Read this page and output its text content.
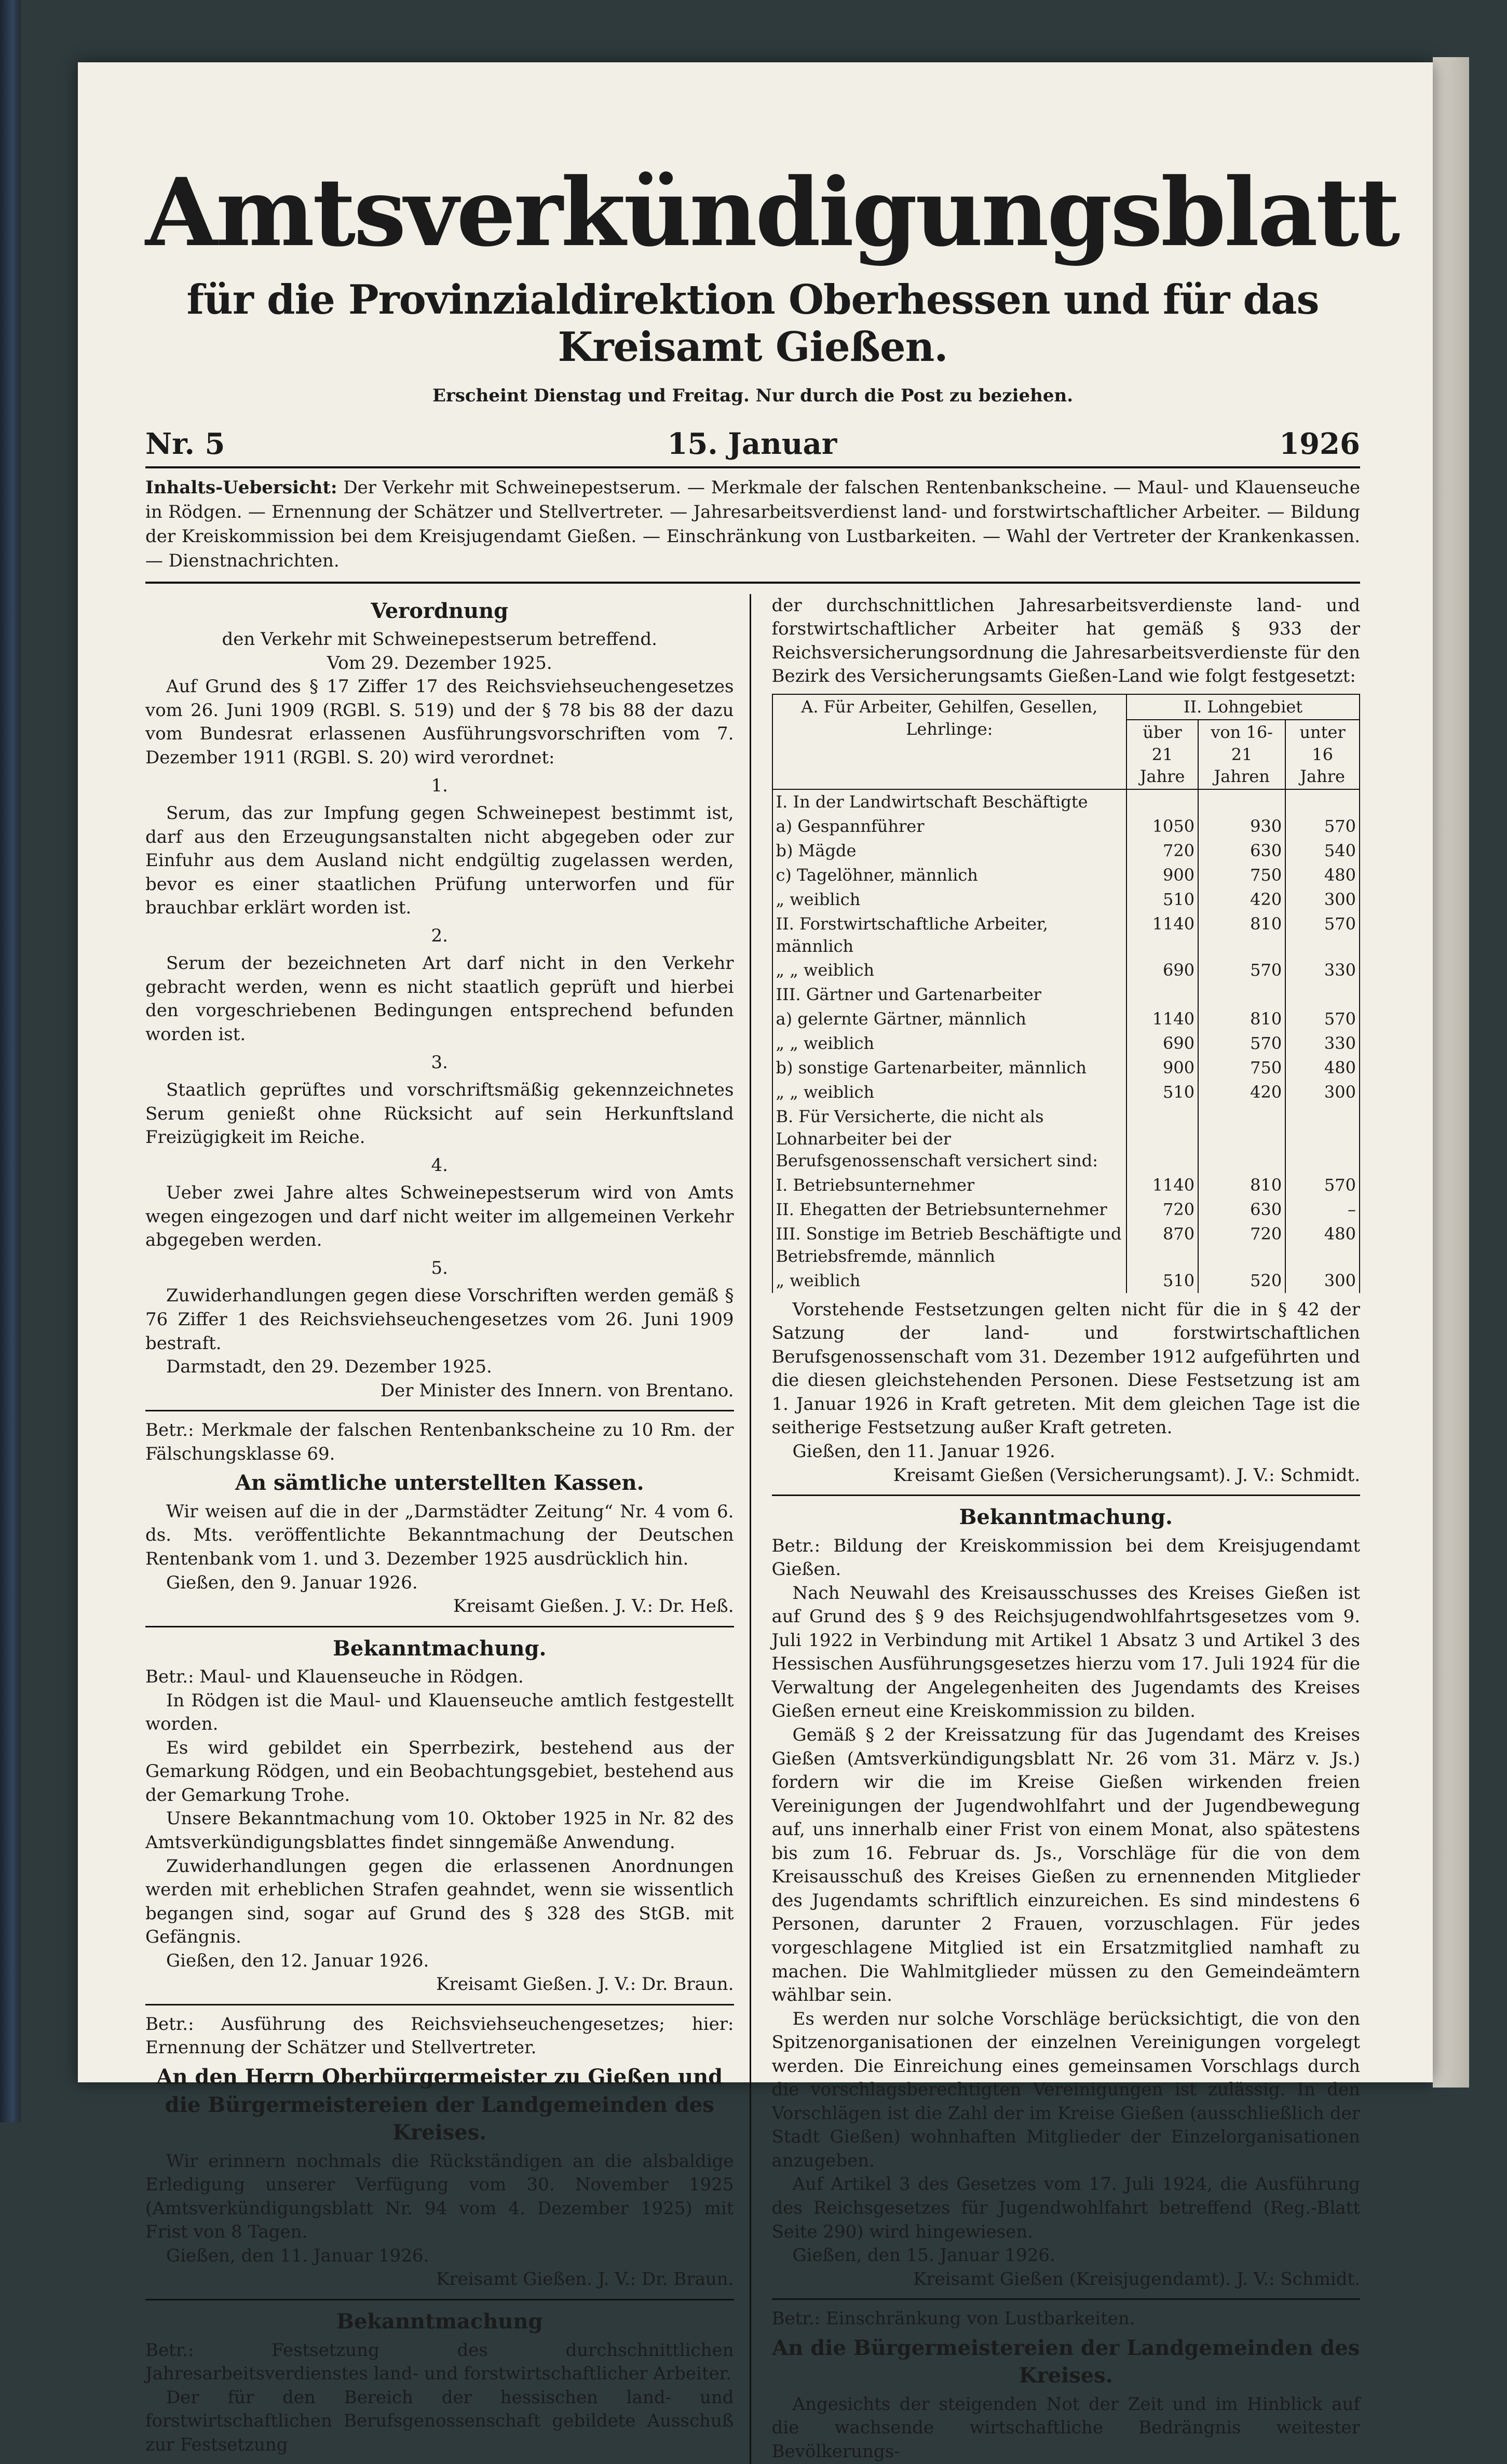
Amtsverkündigungsblatt
für die Provinzialdirektion Oberhessen und für das Kreisamt Gießen.
Erscheint Dienstag und Freitag. Nur durch die Post zu beziehen.
Nr. 5	15. Januar	1926
Inhalts-Uebersicht: Der Verkehr mit Schweinepestserum. — Merkmale der falschen Rentenbankscheine. — Maul- und Klauenseuche in Rödgen. — Ernennung der Schätzer und Stellvertreter. — Jahresarbeitsverdienst land- und forstwirtschaftlicher Arbeiter. — Bildung der Kreiskommission bei dem Kreisjugendamt Gießen. — Einschränkung von Lustbarkeiten. — Wahl der Vertreter der Krankenkassen. — Dienstnachrichten.
Verordnung
den Verkehr mit Schweinepestserum betreffend.
Vom 29. Dezember 1925.

Auf Grund des § 17 Ziffer 17 des Reichsviehseuchengesetzes vom 26. Juni 1909 (RGBl. S. 519) und der § 78 bis 88 der dazu vom Bundesrat erlassenen Ausführungsvorschriften vom 7. Dezember 1911 (RGBl. S. 20) wird verordnet:

1.

Serum, das zur Impfung gegen Schweinepest bestimmt ist, darf aus den Erzeugungsanstalten nicht abgegeben oder zur Einfuhr aus dem Ausland nicht endgültig zugelassen werden, bevor es einer staatlichen Prüfung unterworfen und für brauchbar erklärt worden ist.

2.

Serum der bezeichneten Art darf nicht in den Verkehr gebracht werden, wenn es nicht staatlich geprüft und hierbei den vorgeschriebenen Bedingungen entsprechend befunden worden ist.

3.

Staatlich geprüftes und vorschriftsmäßig gekennzeichnetes Serum genießt ohne Rücksicht auf sein Herkunftsland Freizügigkeit im Reiche.

4.

Ueber zwei Jahre altes Schweinepestserum wird von Amts wegen eingezogen und darf nicht weiter im allgemeinen Verkehr abgegeben werden.

5.

Zuwiderhandlungen gegen diese Vorschriften werden gemäß § 76 Ziffer 1 des Reichsviehseuchengesetzes vom 26. Juni 1909 bestraft.

Darmstadt, den 29. Dezember 1925.

Der Minister des Innern. von Brentano.

Betr.: Merkmale der falschen Rentenbankscheine zu 10 Rm. der Fälschungsklasse 69.

An sämtliche unterstellten Kassen.

Wir weisen auf die in der „Darmstädter Zeitung“ Nr. 4 vom 6. ds. Mts. veröffentlichte Bekanntmachung der Deutschen Rentenbank vom 1. und 3. Dezember 1925 ausdrücklich hin.

Gießen, den 9. Januar 1926.

Kreisamt Gießen. J. V.: Dr. Heß.
Bekanntmachung.

Betr.: Maul- und Klauenseuche in Rödgen.

In Rödgen ist die Maul- und Klauenseuche amtlich festgestellt worden.

Es wird gebildet ein Sperrbezirk, bestehend aus der Gemarkung Rödgen, und ein Beobachtungsgebiet, bestehend aus der Gemarkung Trohe.

Unsere Bekanntmachung vom 10. Oktober 1925 in Nr. 82 des Amtsverkündigungsblattes findet sinngemäße Anwendung.

Zuwiderhandlungen gegen die erlassenen Anordnungen werden mit erheblichen Strafen geahndet, wenn sie wissentlich begangen sind, sogar auf Grund des § 328 des StGB. mit Gefängnis.

Gießen, den 12. Januar 1926.

Kreisamt Gießen. J. V.: Dr. Braun.

Betr.: Ausführung des Reichsviehseuchengesetzes; hier: Ernennung der Schätzer und Stellvertreter.

An den Herrn Oberbürgermeister zu Gießen und die Bürgermeistereien der Landgemeinden des Kreises.

Wir erinnern nochmals die Rückständigen an die alsbaldige Erledigung unserer Verfügung vom 30. November 1925 (Amtsverkündigungsblatt Nr. 94 vom 4. Dezember 1925) mit Frist von 8 Tagen.

Gießen, den 11. Januar 1926.

Kreisamt Gießen. J. V.: Dr. Braun.
Bekanntmachung

Betr.: Festsetzung des durchschnittlichen Jahresarbeitsverdienstes land- und forstwirtschaftlicher Arbeiter.

Der für den Bereich der hessischen land- und forstwirtschaftlichen Berufsgenossenschaft gebildete Ausschuß zur Festsetzung

der durchschnittlichen Jahresarbeitsverdienste land- und forstwirtschaftlicher Arbeiter hat gemäß § 933 der Reichsversicherungsordnung die Jahresarbeitsverdienste für den Bezirk des Versicherungsamts Gießen-Land wie folgt festgesetzt:

A. Für Arbeiter, Gehilfen, Gesellen, Lehrlinge:	II. Lohngebiet		
	über 21 Jahre	von 16-21 Jahren	unter 16 Jahre
I. In der Landwirtschaft Beschäftigte			
a) Gespannführer	1050	930	570
b) Mägde	720	630	540
c) Tagelöhner, männlich	900	750	480
„ weiblich	510	420	300
II. Forstwirtschaftliche Arbeiter, männlich	1140	810	570
„ „ weiblich	690	570	330
III. Gärtner und Gartenarbeiter			
a) gelernte Gärtner, männlich	1140	810	570
„ „ weiblich	690	570	330
b) sonstige Gartenarbeiter, männlich	900	750	480
„ „ weiblich	510	420	300
B. Für Versicherte, die nicht als Lohnarbeiter bei der Berufsgenossenschaft versichert sind:			
I. Betriebsunternehmer	1140	810	570
II. Ehegatten der Betriebsunternehmer	720	630	–
III. Sonstige im Betrieb Beschäftigte und Betriebsfremde, männlich	870	720	480
„ weiblich	510	520	300

Vorstehende Festsetzungen gelten nicht für die in § 42 der Satzung der land- und forstwirtschaftlichen Berufsgenossenschaft vom 31. Dezember 1912 aufgeführten und die diesen gleichstehenden Personen. Diese Festsetzung ist am 1. Januar 1926 in Kraft getreten. Mit dem gleichen Tage ist die seitherige Festsetzung außer Kraft getreten.

Gießen, den 11. Januar 1926.

Kreisamt Gießen (Versicherungsamt). J. V.: Schmidt.
Bekanntmachung.

Betr.: Bildung der Kreiskommission bei dem Kreisjugendamt Gießen.

Nach Neuwahl des Kreisausschusses des Kreises Gießen ist auf Grund des § 9 des Reichsjugendwohlfahrtsgesetzes vom 9. Juli 1922 in Verbindung mit Artikel 1 Absatz 3 und Artikel 3 des Hessischen Ausführungsgesetzes hierzu vom 17. Juli 1924 für die Verwaltung der Angelegenheiten des Jugendamts des Kreises Gießen erneut eine Kreiskommission zu bilden.

Gemäß § 2 der Kreissatzung für das Jugendamt des Kreises Gießen (Amtsverkündigungsblatt Nr. 26 vom 31. März v. Js.) fordern wir die im Kreise Gießen wirkenden freien Vereinigungen der Jugendwohlfahrt und der Jugendbewegung auf, uns innerhalb einer Frist von einem Monat, also spätestens bis zum 16. Februar ds. Js., Vorschläge für die von dem Kreisausschuß des Kreises Gießen zu ernennenden Mitglieder des Jugendamts schriftlich einzureichen. Es sind mindestens 6 Personen, darunter 2 Frauen, vorzuschlagen. Für jedes vorgeschlagene Mitglied ist ein Ersatzmitglied namhaft zu machen. Die Wahlmitglieder müssen zu den Gemeindeämtern wählbar sein.

Es werden nur solche Vorschläge berücksichtigt, die von den Spitzenorganisationen der einzelnen Vereinigungen vorgelegt werden. Die Einreichung eines gemeinsamen Vorschlags durch die vorschlagsberechtigten Vereinigungen ist zulässig. In den Vorschlägen ist die Zahl der im Kreise Gießen (ausschließlich der Stadt Gießen) wohnhaften Mitglieder der Einzelorganisationen anzugeben.

Auf Artikel 3 des Gesetzes vom 17. Juli 1924, die Ausführung des Reichsgesetzes für Jugendwohlfahrt betreffend (Reg.-Blatt Seite 290) wird hingewiesen.

Gießen, den 15. Januar 1926.

Kreisamt Gießen (Kreisjugendamt). J. V.: Schmidt.

Betr.: Einschränkung von Lustbarkeiten.

An die Bürgermeistereien der Landgemeinden des Kreises.

Angesichts der steigenden Not der Zeit und im Hinblick auf die wachsende wirtschaftliche Bedrängnis weitester Bevölkerungs-
